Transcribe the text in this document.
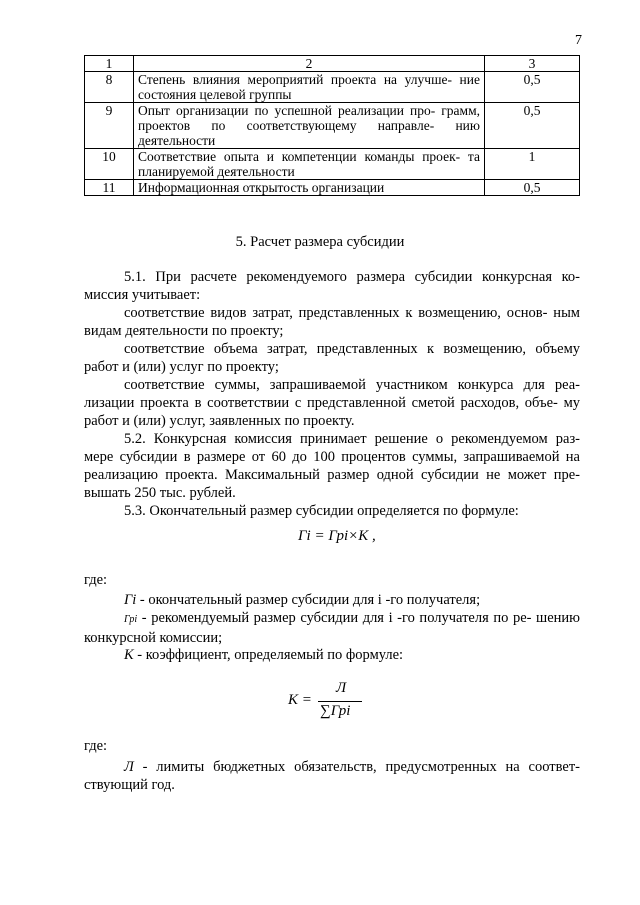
7
1	2	3
8	Степень влияния мероприятий проекта на улучше- ние состояния целевой группы	0,5
9	Опыт организации по успешной реализации про- грамм, проектов по соответствующему направле- нию деятельности	0,5
10	Соответствие опыта и компетенции команды проек- та планируемой деятельности	1
11	Информационная открытость организации	0,5
5. Расчет размера субсидии

5.1. При расчете рекомендуемого размера субсидии конкурсная ко- миссия учитывает:

соответствие видов затрат, представленных к возмещению, основ- ным видам деятельности по проекту;

соответствие объема затрат, представленных к возмещению, объему работ и (или) услуг по проекту;

соответствие суммы, запрашиваемой участником конкурса для реа- лизации проекта в соответствии с представленной сметой расходов, объе- му работ и (или) услуг, заявленных по проекту.

5.2. Конкурсная комиссия принимает решение о рекомендуемом раз- мере субсидии в размере от 60 до 100 процентов суммы, запрашиваемой на реализацию проекта. Максимальный размер одной субсидии не может пре- вышать 250 тыс. рублей.

5.3. Окончательный размер субсидии определяется по формуле:

Гi = Грi×K ,
где:
Гi - окончательный размер субсидии для i -го получателя;
Грi - рекомендуемый размер субсидии для i -го получателя по ре- шению конкурсной комиссии;
K - коэффициент, определяемый по формуле:
K =
Л
∑Грi
где:
Л - лимиты бюджетных обязательств, предусмотренных на соответ- ствующий год.
